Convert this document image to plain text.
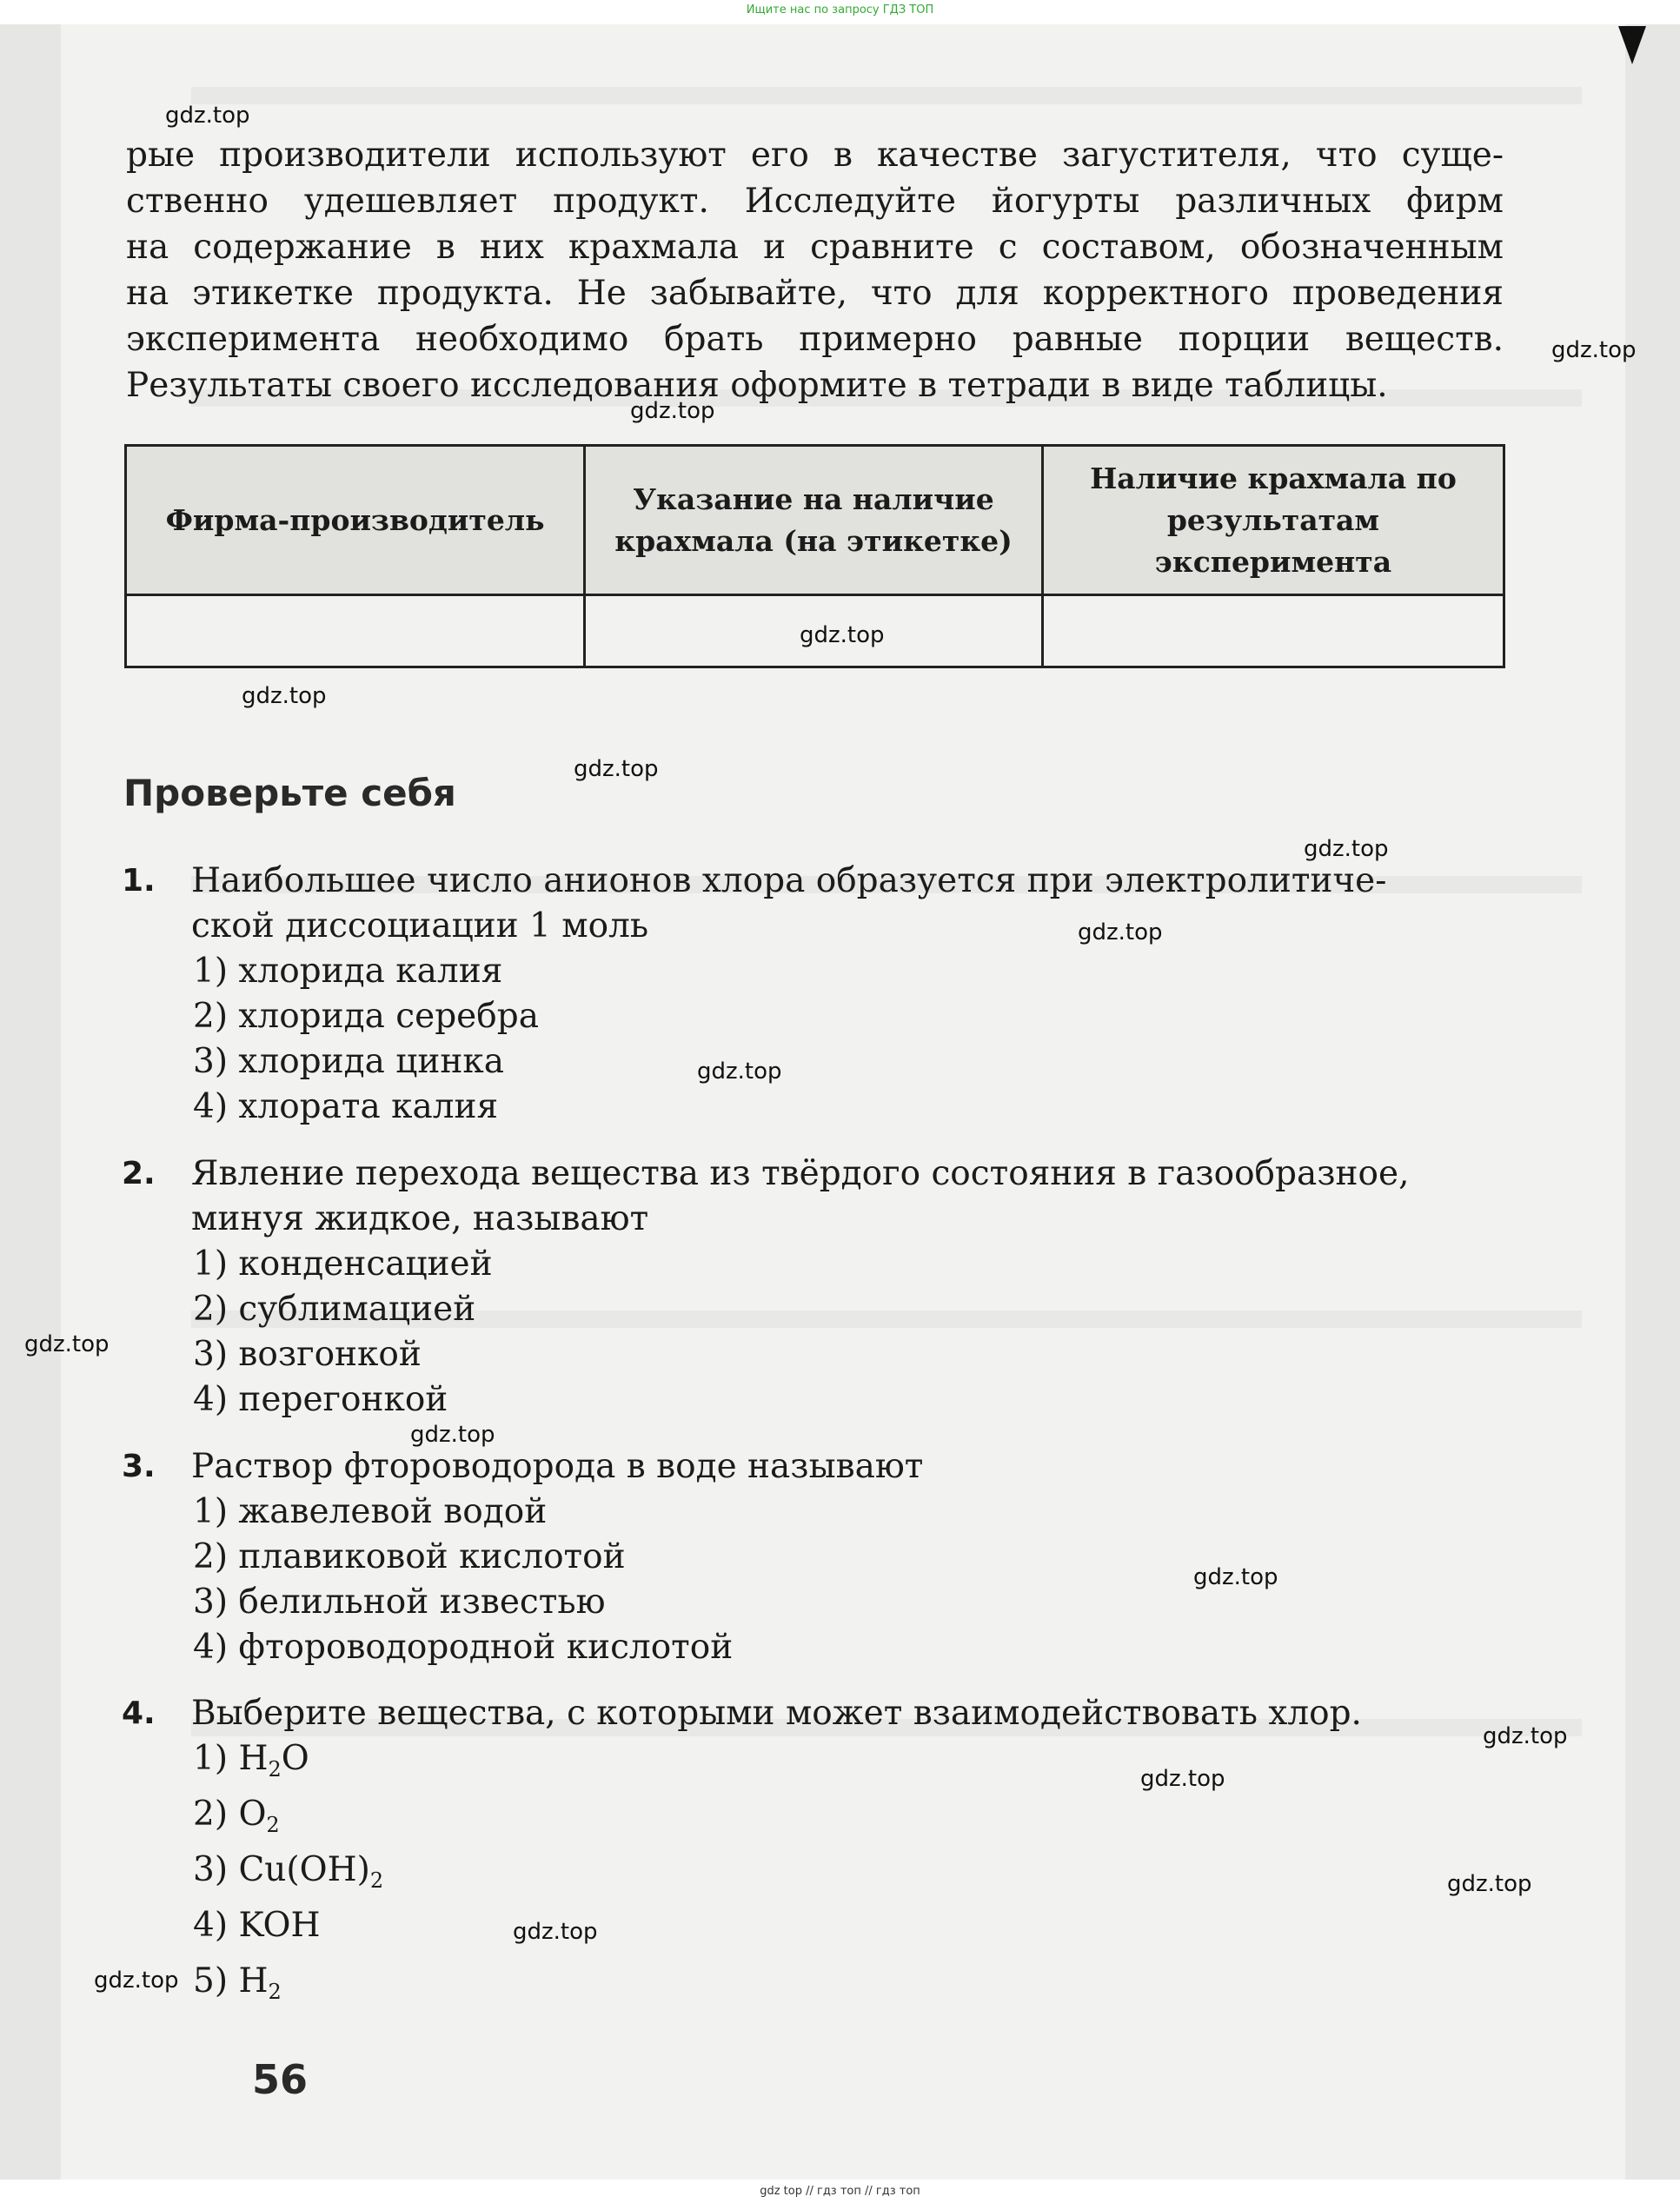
Ищите нас по запросу ГДЗ ТОП
gdz top // гдз топ // гдз топ
рые производители используют его в качестве загустителя, что суще-
ственно удешевляет продукт. Исследуйте йогурты различных фирм
на содержание в них крахмала и сравните с составом, обозначенным
на этикетке продукта. Не забывайте, что для корректного проведения
эксперимента необходимо брать примерно равные порции веществ.
Результаты своего исследования оформите в тетради в виде таблицы.
Фирма-производитель	Указание на наличие крахмала (на этикетке)	Наличие крахмала по результатам эксперимента

Проверьте себя
1. Наибольшее число анионов хлора образуется при электролитиче-
ской диссоциации 1 моль
1) хлорида калия
2) хлорида серебра
3) хлорида цинка
4) хлората калия
2. Явление перехода вещества из твёрдого состояния в газообразное,
минуя жидкое, называют
1) конденсацией
2) сублимацией
3) возгонкой
4) перегонкой
3. Раствор фтороводорода в воде называют
1) жавелевой водой
2) плавиковой кислотой
3) белильной известью
4) фтороводородной кислотой
4. Выберите вещества, с которыми может взаимодействовать хлор.
1) $H_2O$
2) $O_2$
3) $Cu(OH)_2$
4) KOH
5) $H_2$
56
gdz.top
gdz.top
gdz.top
gdz.top
gdz.top
gdz.top
gdz.top
gdz.top
gdz.top
gdz.top
gdz.top
gdz.top
gdz.top
gdz.top
gdz.top
gdz.top
gdz.top
